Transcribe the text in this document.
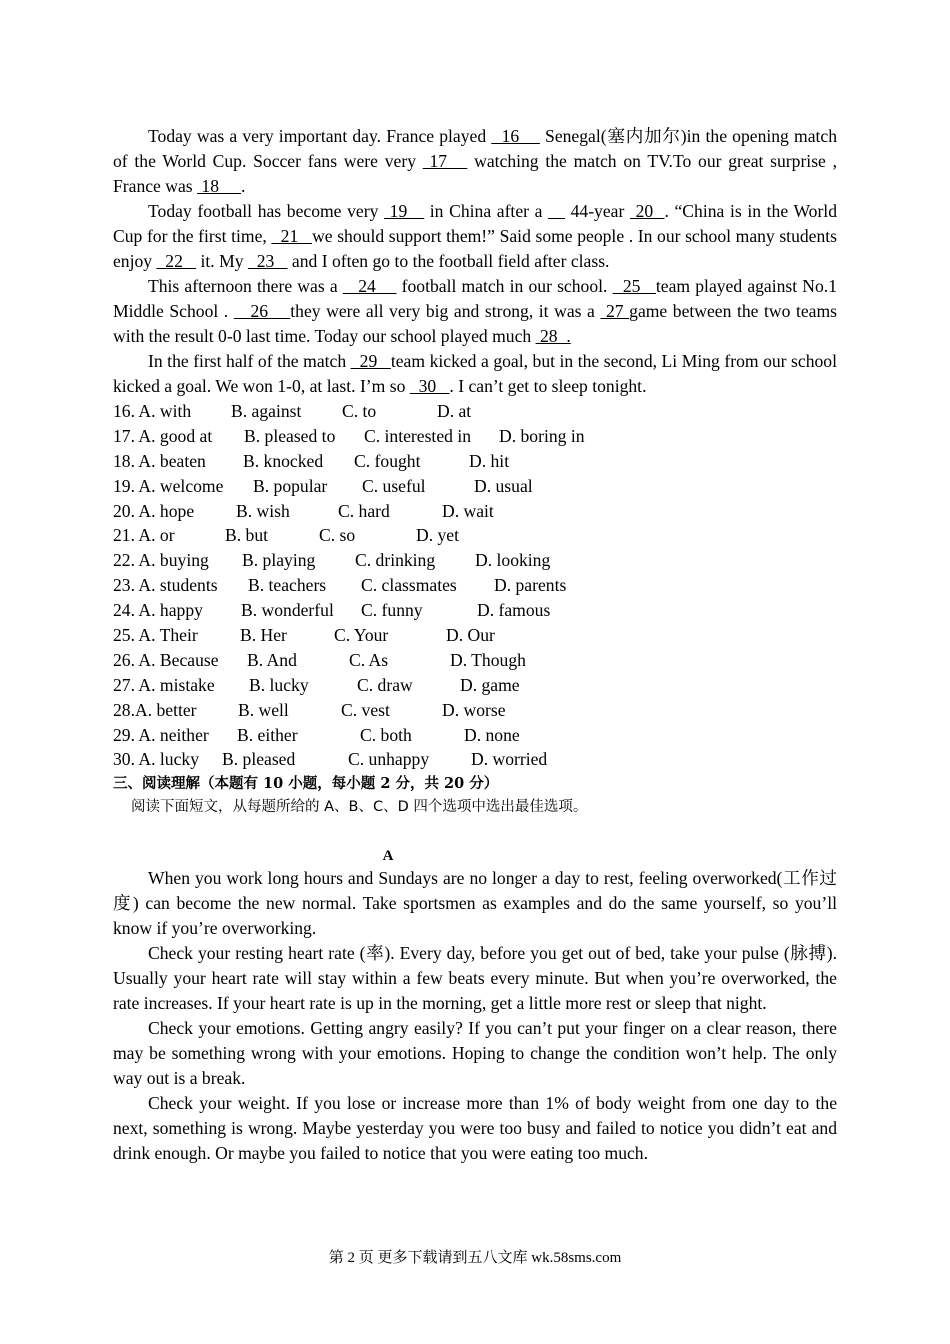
Today was a very important day. France played   16     Senegal(塞内加尔)in the opening match of the World Cup. Soccer fans were very  17    watching the match on TV.To our great surprise , France was  18     .

Today football has become very  19    in China after a     44-year  20  . “China is in the World Cup for the first time,   21   we should support them!” Said some people . In our school many students enjoy   22    it. My   23    and I often go to the football field after class.

This afternoon there was a    24     football match in our school.   25   team played against No.1 Middle School .    26    they were all very big and strong, it was a  27 game between the two teams with the result 0-0 last time. Today our school played much  28  .

In the first half of the match   29   team kicked a goal, but in the second, Li Ming from our school kicked a goal. We won 1-0, at last. I’m so   30   . I can’t get to sleep tonight.

16. A. with B. against C. to	D. at
17. A. good at B. pleased to C. interested in D. boring in
18. A. beaten B. knocked C. fought	D. hit
19. A. welcome B. popular C. useful	D. usual
20. A. hope B. wish	C. hard	D. wait
21. A. or	B. but	C. so	D. yet
22. A. buying B. playing C. drinking D. looking
23. A. students B. teachers C. classmates D. parents
24. A. happy B. wonderful C. funny	D. famous
25. A. Their B. Her	C. Your	D. Our
26. A. Because B. And	C. As	D. Though
27. A. mistake B. lucky	C. draw	D. game
28.A. better B. well	C. vest	D. worse
29. A. neither B. either	C. both	D. none
30. A. lucky B. pleased	C. unhappy D. worried
三、阅读理解（本题有 10 小题，每小题 2 分，共 20 分）
阅读下面短文，从每题所给的 A、B、C、D 四个选项中选出最佳选项。
A

When you work long hours and Sundays are no longer a day to rest, feeling overworked(工作过度) can become the new normal. Take sportsmen as examples and do the same yourself, so you’ll know if you’re overworking.

Check your resting heart rate (率). Every day, before you get out of bed, take your pulse (脉搏). Usually your heart rate will stay within a few beats every minute. But when you’re overworked, the rate increases. If your heart rate is up in the morning, get a little more rest or sleep that night.

Check your emotions. Getting angry easily? If you can’t put your finger on a clear reason, there may be something wrong with your emotions. Hoping to change the condition won’t help. The only way out is a break.

Check your weight. If you lose or increase more than 1% of body weight from one day to the next, something is wrong. Maybe yesterday you were too busy and failed to notice you didn’t eat and drink enough. Or maybe you failed to notice that you were eating too much.

第 2 页 更多下载请到五八文库 wk.58sms.com
